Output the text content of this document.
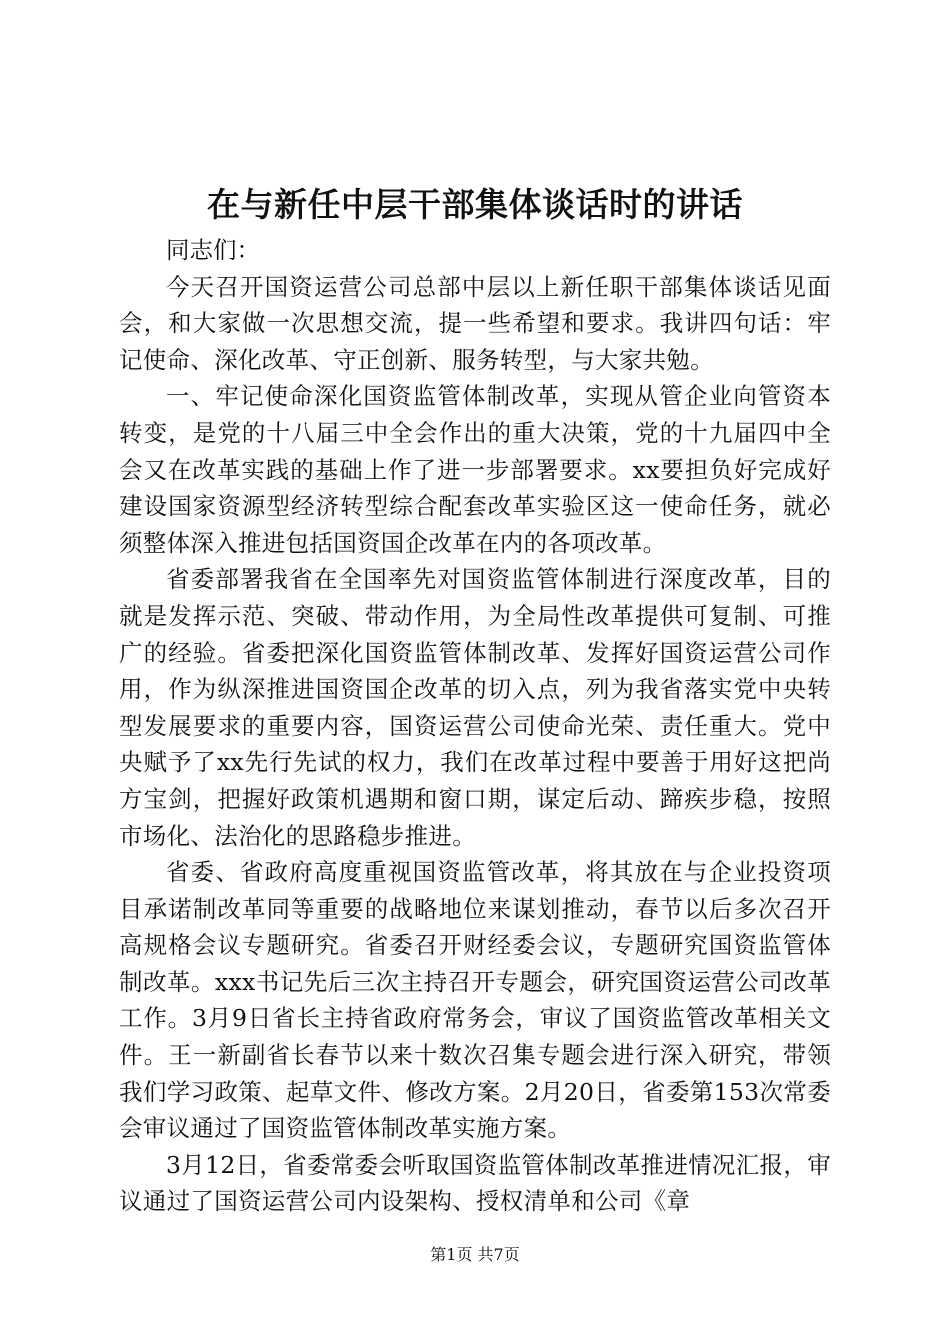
在与新任中层干部集体谈话时的讲话

同志们：

今天召开国资运营公司总部中层以上新任职干部集体谈话见面会，和大家做一次思想交流，提一些希望和要求。我讲四句话：牢记使命、深化改革、守正创新、服务转型，与大家共勉。

一、牢记使命深化国资监管体制改革，实现从管企业向管资本转变，是党的十八届三中全会作出的重大决策，党的十九届四中全会又在改革实践的基础上作了进一步部署要求。xx要担负好完成好建设国家资源型经济转型综合配套改革实验区这一使命任务，就必须整体深入推进包括国资国企改革在内的各项改革。

省委部署我省在全国率先对国资监管体制进行深度改革，目的就是发挥示范、突破、带动作用，为全局性改革提供可复制、可推广的经验。省委把深化国资监管体制改革、发挥好国资运营公司作用，作为纵深推进国资国企改革的切入点，列为我省落实党中央转型发展要求的重要内容，国资运营公司使命光荣、责任重大。党中央赋予了xx先行先试的权力，我们在改革过程中要善于用好这把尚方宝剑，把握好政策机遇期和窗口期，谋定后动、蹄疾步稳，按照市场化、法治化的思路稳步推进。

省委、省政府高度重视国资监管改革，将其放在与企业投资项目承诺制改革同等重要的战略地位来谋划推动，春节以后多次召开高规格会议专题研究。省委召开财经委会议，专题研究国资监管体制改革。xxx书记先后三次主持召开专题会，研究国资运营公司改革工作。3月9日省长主持省政府常务会，审议了国资监管改革相关文件。王一新副省长春节以来十数次召集专题会进行深入研究，带领我们学习政策、起草文件、修改方案。2月20日，省委第153次常委会审议通过了国资监管体制改革实施方案。

3月12日，省委常委会听取国资监管体制改革推进情况汇报，审议通过了国资运营公司内设架构、授权清单和公司《章

第1页 共7页
